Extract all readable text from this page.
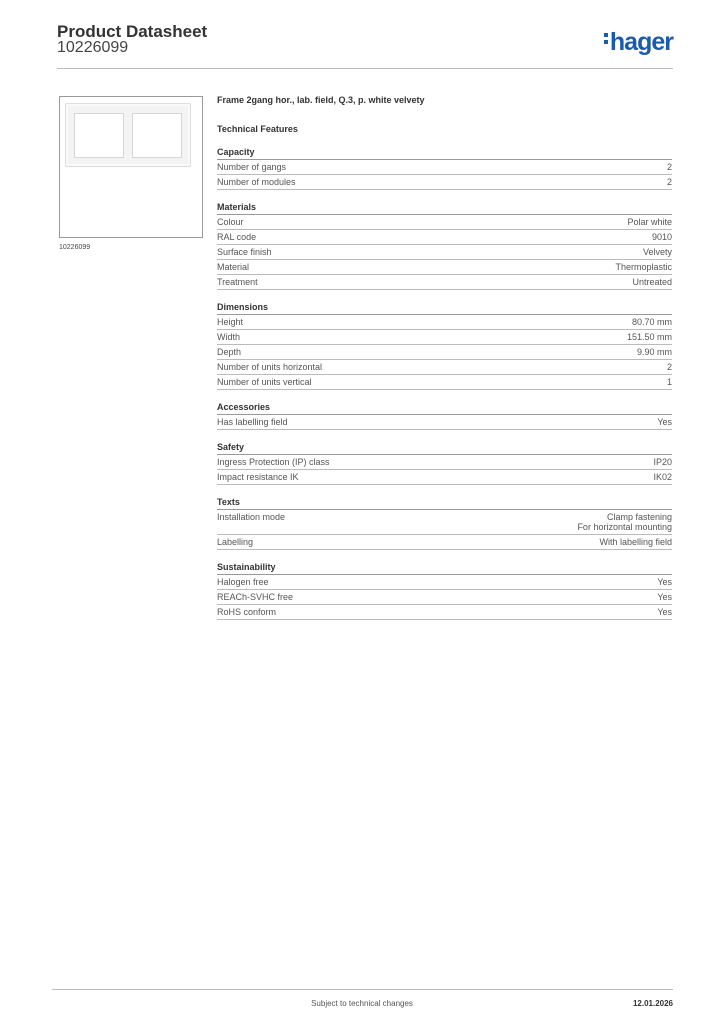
Product Datasheet
10226099	hager
10226099
Frame 2gang hor., lab. field, Q.3, p. white velvety
Technical Features
Capacity
Number of gangs	2
Number of modules	2
Materials
Colour	Polar white
RAL code	9010
Surface finish	Velvety
Material	Thermoplastic
Treatment	Untreated
Dimensions
Height	80.70 mm
Width	151.50 mm
Depth	9.90 mm
Number of units horizontal	2
Number of units vertical	1
Accessories
Has labelling field	Yes
Safety
Ingress Protection (IP) class	IP20
Impact resistance IK	IK02
Texts
Installation mode	Clamp fastening
For horizontal mounting
Labelling	With labelling field
Sustainability
Halogen free	Yes
REACh-SVHC free	Yes
RoHS conform	Yes
Subject to technical changes	12.01.2026
